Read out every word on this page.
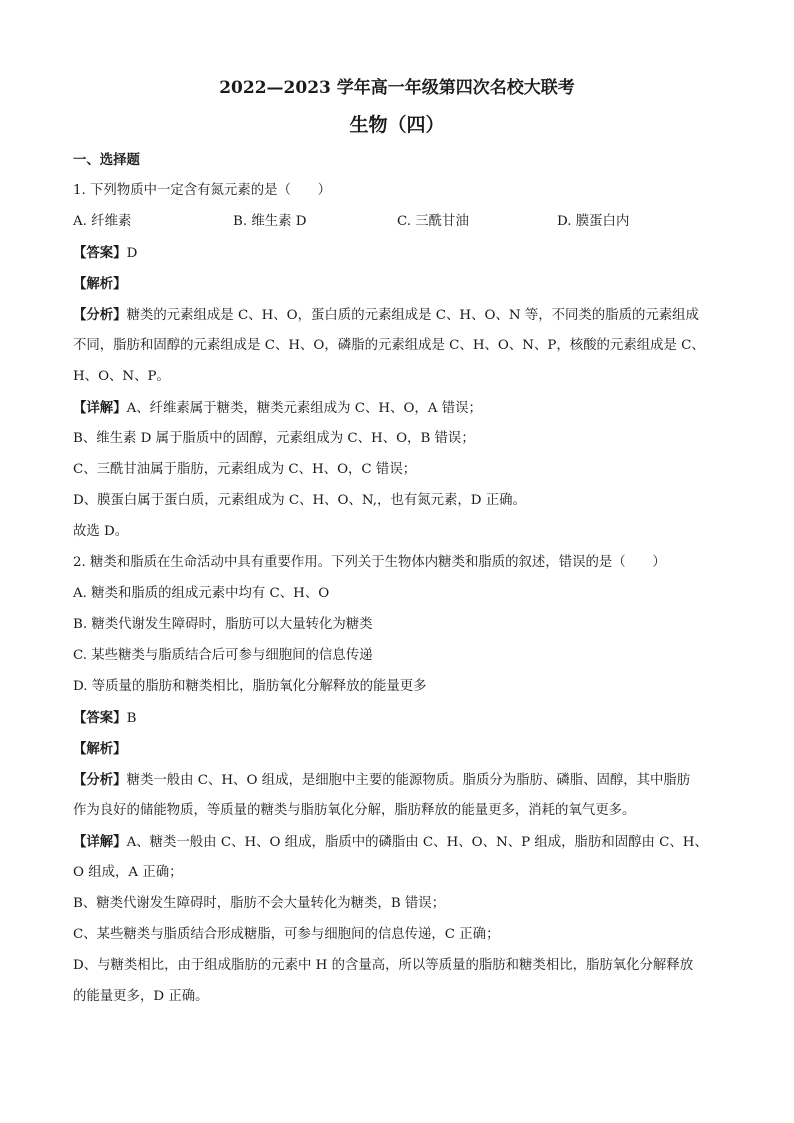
2022—2023 学年高一年级第四次名校大联考
生物（四）
一、选择题
1. 下列物质中一定含有氮元素的是（　　）
A. 纤维素	B. 维生素 D	C. 三酰甘油	D. 膜蛋白内
【答案】D
【解析】
【分析】糖类的元素组成是 C、H、O，蛋白质的元素组成是 C、H、O、N 等，不同类的脂质的元素组成
不同，脂肪和固醇的元素组成是 C、H、O，磷脂的元素组成是 C、H、O、N、P，核酸的元素组成是 C、
H、O、N、P。
【详解】A、纤维素属于糖类，糖类元素组成为 C、H、O，A 错误；
B、维生素 D 属于脂质中的固醇，元素组成为 C、H、O，B 错误；
C、三酰甘油属于脂肪，元素组成为 C、H、O，C 错误；
D、膜蛋白属于蛋白质，元素组成为 C、H、O、N,，也有氮元素，D 正确。
故选 D。
2. 糖类和脂质在生命活动中具有重要作用。下列关于生物体内糖类和脂质的叙述，错误的是（　　）
A. 糖类和脂质的组成元素中均有 C、H、O
B. 糖类代谢发生障碍时，脂肪可以大量转化为糖类
C. 某些糖类与脂质结合后可参与细胞间的信息传递
D. 等质量的脂肪和糖类相比，脂肪氧化分解释放的能量更多
【答案】B
【解析】
【分析】糖类一般由 C、H、O 组成，是细胞中主要的能源物质。脂质分为脂肪、磷脂、固醇，其中脂肪
作为良好的储能物质，等质量的糖类与脂肪氧化分解，脂肪释放的能量更多，消耗的氧气更多。
【详解】A、糖类一般由 C、H、O 组成，脂质中的磷脂由 C、H、O、N、P 组成，脂肪和固醇由 C、H、
O 组成，A 正确；
B、糖类代谢发生障碍时，脂肪不会大量转化为糖类，B 错误；
C、某些糖类与脂质结合形成糖脂，可参与细胞间的信息传递，C 正确；
D、与糖类相比，由于组成脂肪的元素中 H 的含量高，所以等质量的脂肪和糖类相比，脂肪氧化分解释放
的能量更多，D 正确。
